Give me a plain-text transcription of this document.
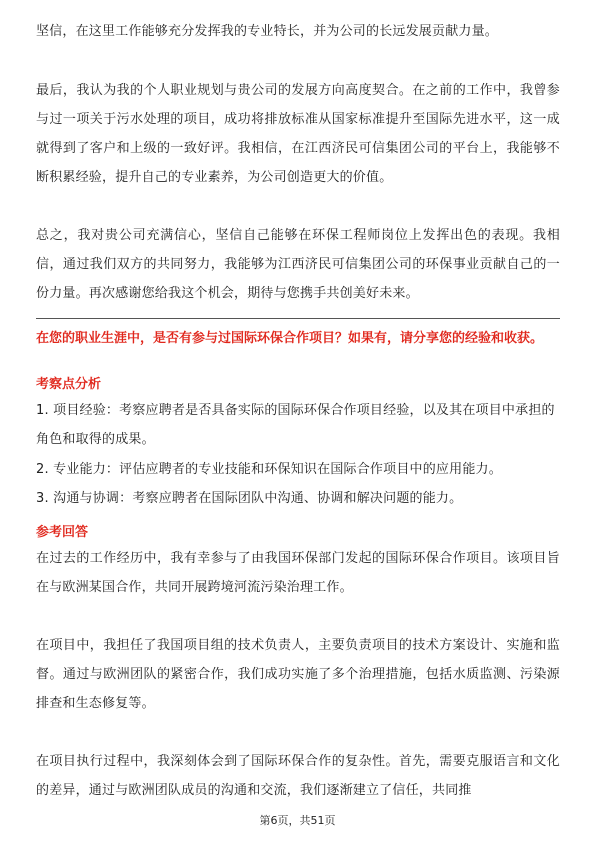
坚信，在这里工作能够充分发挥我的专业特长，并为公司的长远发展贡献力量。

最后，我认为我的个人职业规划与贵公司的发展方向高度契合。在之前的工作中，我曾参与过一项关于污水处理的项目，成功将排放标准从国家标准提升至国际先进水平，这一成就得到了客户和上级的一致好评。我相信，在江西济民可信集团公司的平台上，我能够不断积累经验，提升自己的专业素养，为公司创造更大的价值。

总之，我对贵公司充满信心，坚信自己能够在环保工程师岗位上发挥出色的表现。我相信，通过我们双方的共同努力，我能够为江西济民可信集团公司的环保事业贡献自己的一份力量。再次感谢您给我这个机会，期待与您携手共创美好未来。

在您的职业生涯中，是否有参与过国际环保合作项目？如果有，请分享您的经验和收获。

考察点分析

1. 项目经验：考察应聘者是否具备实际的国际环保合作项目经验，以及其在项目中承担的角色和取得的成果。

2. 专业能力：评估应聘者的专业技能和环保知识在国际合作项目中的应用能力。

3. 沟通与协调：考察应聘者在国际团队中沟通、协调和解决问题的能力。

参考回答

在过去的工作经历中，我有幸参与了由我国环保部门发起的国际环保合作项目。该项目旨在与欧洲某国合作，共同开展跨境河流污染治理工作。

在项目中，我担任了我国项目组的技术负责人，主要负责项目的技术方案设计、实施和监督。通过与欧洲团队的紧密合作，我们成功实施了多个治理措施，包括水质监测、污染源排查和生态修复等。

在项目执行过程中，我深刻体会到了国际环保合作的复杂性。首先，需要克服语言和文化的差异，通过与欧洲团队成员的沟通和交流，我们逐渐建立了信任，共同推

第6页，共51页
